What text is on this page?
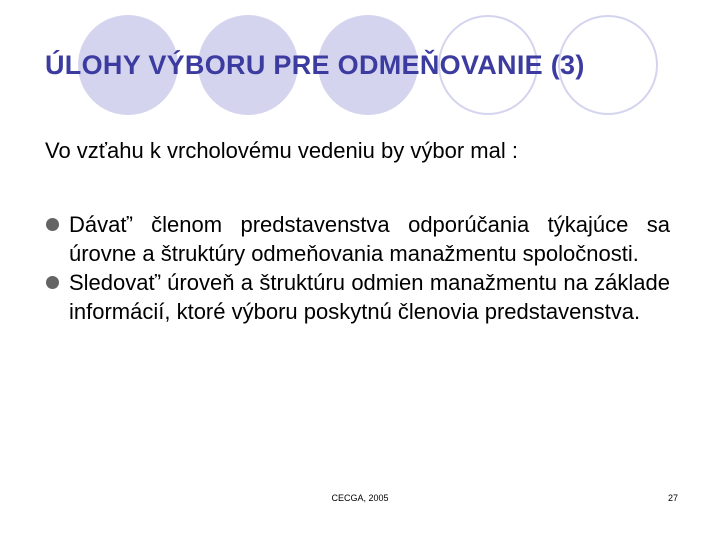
ÚLOHY VÝBORU PRE ODMEŇOVANIE (3)
Vo vzťahu k vrcholovému vedeniu by výbor mal :
Dávať’ členom predstavenstva odporúčania týkajúce sa úrovne a štruktúry odmeňovania manažmentu spoločnosti.
Sledovať’ úroveň a štruktúru odmien manažmentu na základe informácií, ktoré výboru poskytnú členovia predstavenstva.
CECGA, 2005	27
